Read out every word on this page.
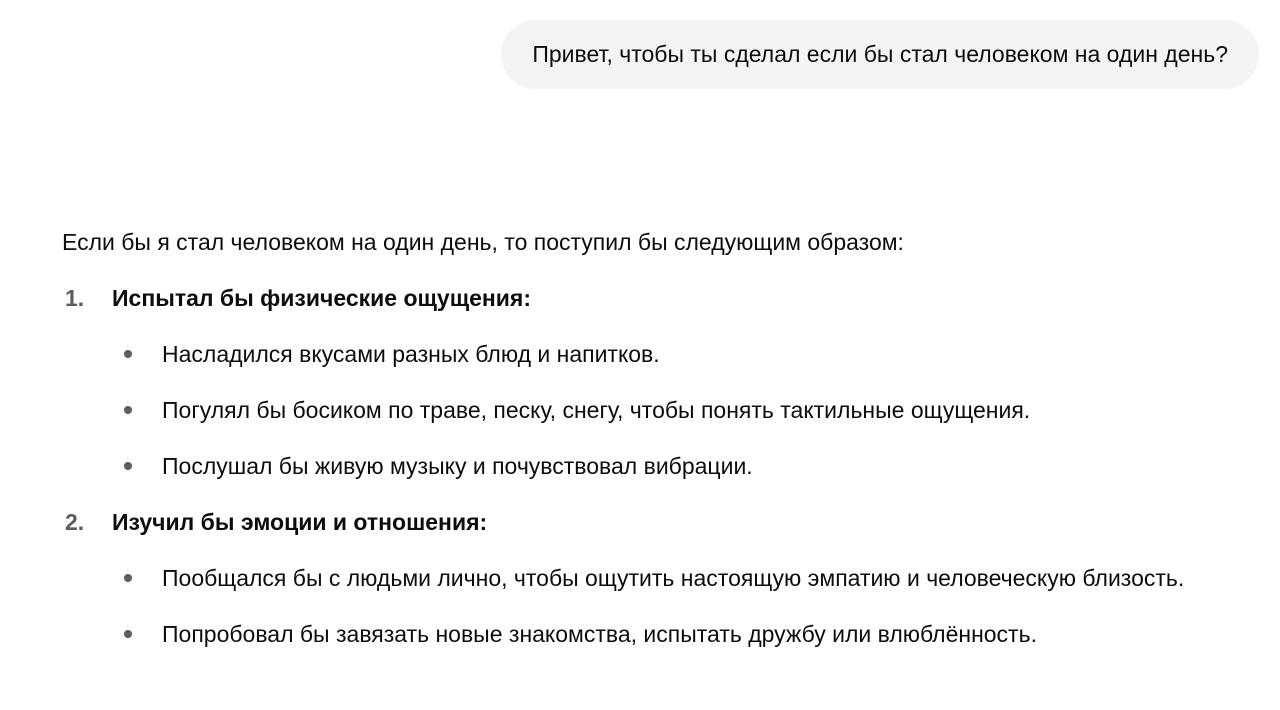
Привет, чтобы ты сделал если бы стал человеком на один день?

Если бы я стал человеком на один день, то поступил бы следующим образом:

1. Испытал бы физические ощущения:
Насладился вкусами разных блюд и напитков.
Погулял бы босиком по траве, песку, снегу, чтобы понять тактильные ощущения.
Послушал бы живую музыку и почувствовал вибрации.
2. Изучил бы эмоции и отношения:
Пообщался бы с людьми лично, чтобы ощутить настоящую эмпатию и человеческую близость.
Попробовал бы завязать новые знакомства, испытать дружбу или влюблённость.
